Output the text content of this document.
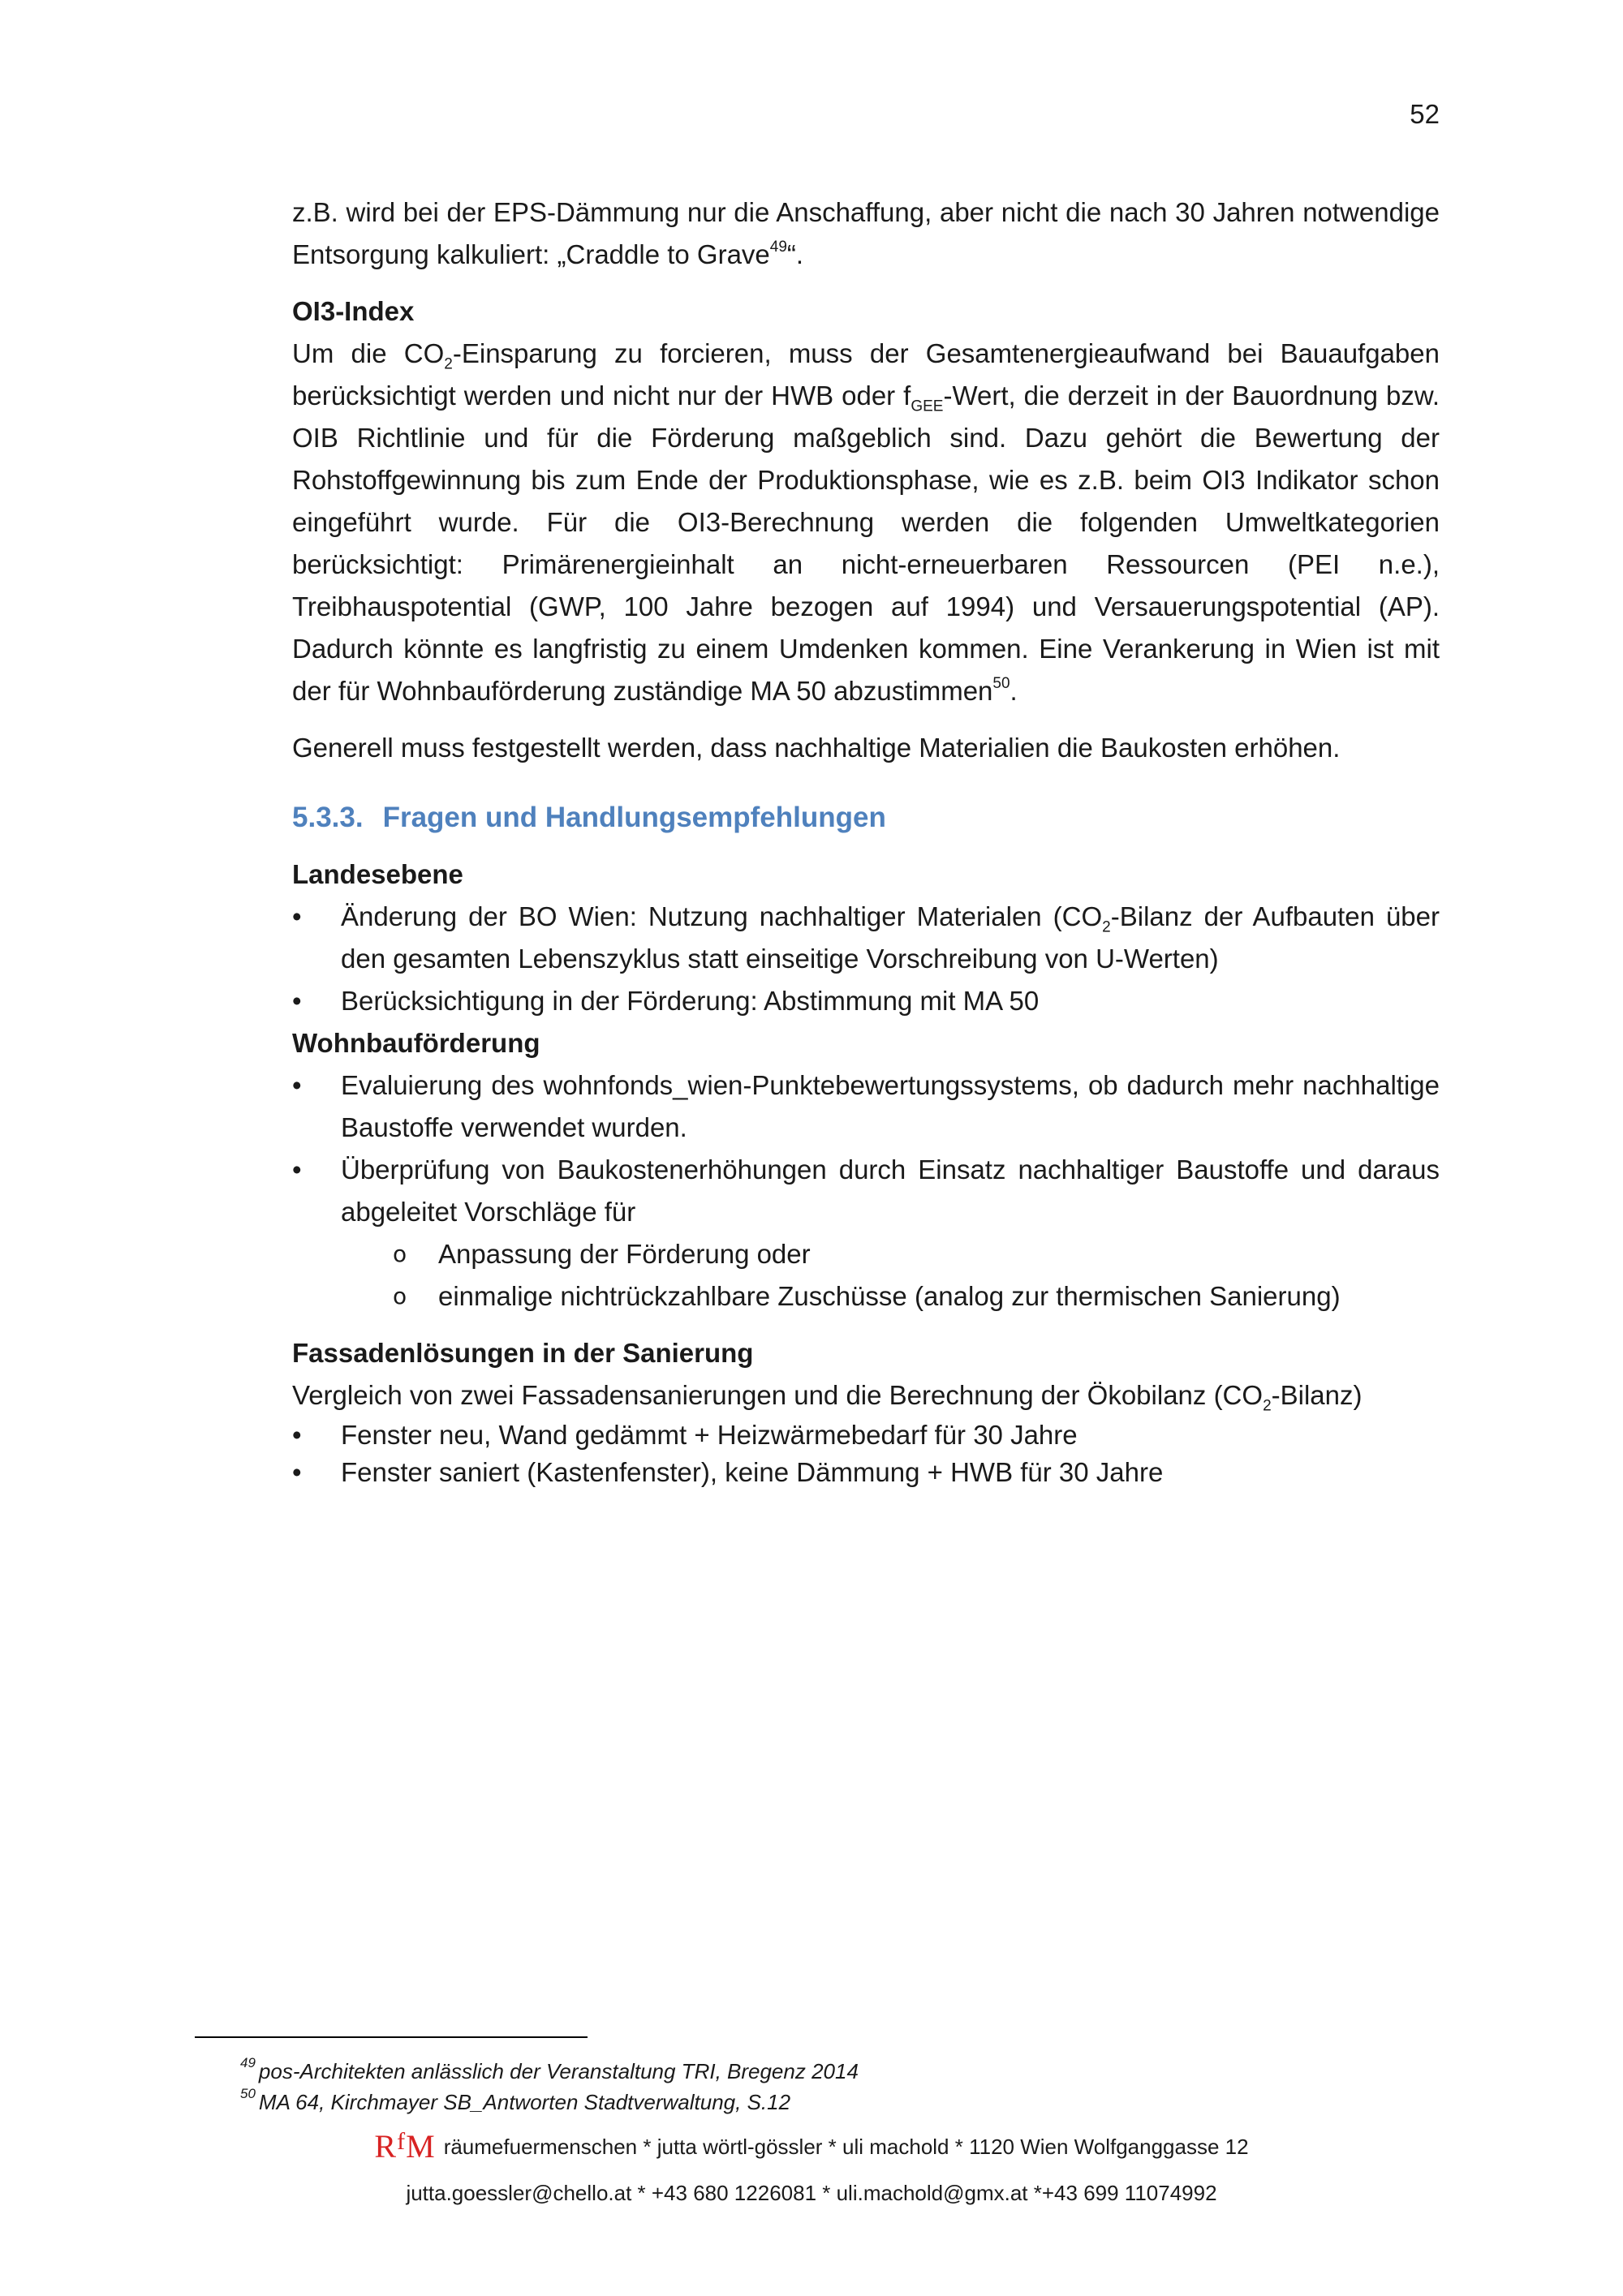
52

z.B. wird bei der EPS-Dämmung nur die Anschaffung, aber nicht die nach 30 Jahren notwendige Entsorgung kalkuliert: „Craddle to Grave$^{49}$“.

OI3-Index

Um die $CO_2$-Einsparung zu forcieren, muss der Gesamtenergieaufwand bei Bauaufgaben berücksichtigt werden und nicht nur der HWB oder $f_{GEE}$-Wert, die derzeit in der Bauordnung bzw. OIB Richtlinie und für die Förderung maßgeblich sind. Dazu gehört die Bewertung der Rohstoffgewinnung bis zum Ende der Produktionsphase, wie es z.B. beim OI3 Indikator schon eingeführt wurde. Für die OI3-Berechnung werden die folgenden Umweltkategorien berücksichtigt: Primärenergieinhalt an nicht-erneuerbaren Ressourcen (PEI n.e.), Treibhauspotential (GWP, 100 Jahre bezogen auf 1994) und Versauerungspotential (AP). Dadurch könnte es langfristig zu einem Umdenken kommen. Eine Verankerung in Wien ist mit der für Wohnbauförderung zuständige MA 50 abzustimmen$^{50}$.

Generell muss festgestellt werden, dass nachhaltige Materialien die Baukosten erhöhen.

5.3.3. Fragen und Handlungsempfehlungen

Landesebene

• Änderung der BO Wien: Nutzung nachhaltiger Materialen ($CO_2$-Bilanz der Aufbauten über den gesamten Lebenszyklus statt einseitige Vorschreibung von U-Werten)
• Berücksichtigung in der Förderung: Abstimmung mit MA 50

Wohnbauförderung

• Evaluierung des wohnfonds_wien-Punktebewertungssystems, ob dadurch mehr nachhaltige Baustoffe verwendet wurden.
• Überprüfung von Baukostenerhöhungen durch Einsatz nachhaltiger Baustoffe und daraus abgeleitet Vorschläge für
o Anpassung der Förderung oder
o einmalige nichtrückzahlbare Zuschüsse (analog zur thermischen Sanierung)

Fassadenlösungen in der Sanierung

Vergleich von zwei Fassadensanierungen und die Berechnung der Ökobilanz $(CO_2-Bilanz)$

• Fenster neu, Wand gedämmt + Heizwärmebedarf für 30 Jahre
• Fenster saniert (Kastenfenster), keine Dämmung + HWB für 30 Jahre
$^{49}$ pos-Architekten anlässlich der Veranstaltung TRI, Bregenz 2014
$^{50}$ MA 64, Kirchmayer SB_Antworten Stadtverwaltung, S.12
$R^fM$ räumefuermenschen * jutta wörtl-gössler * uli machold * 1120 Wien Wolfganggasse 12
jutta.goessler@chello.at * +43 680 1226081 * uli.machold@gmx.at *+43 699 11074992
